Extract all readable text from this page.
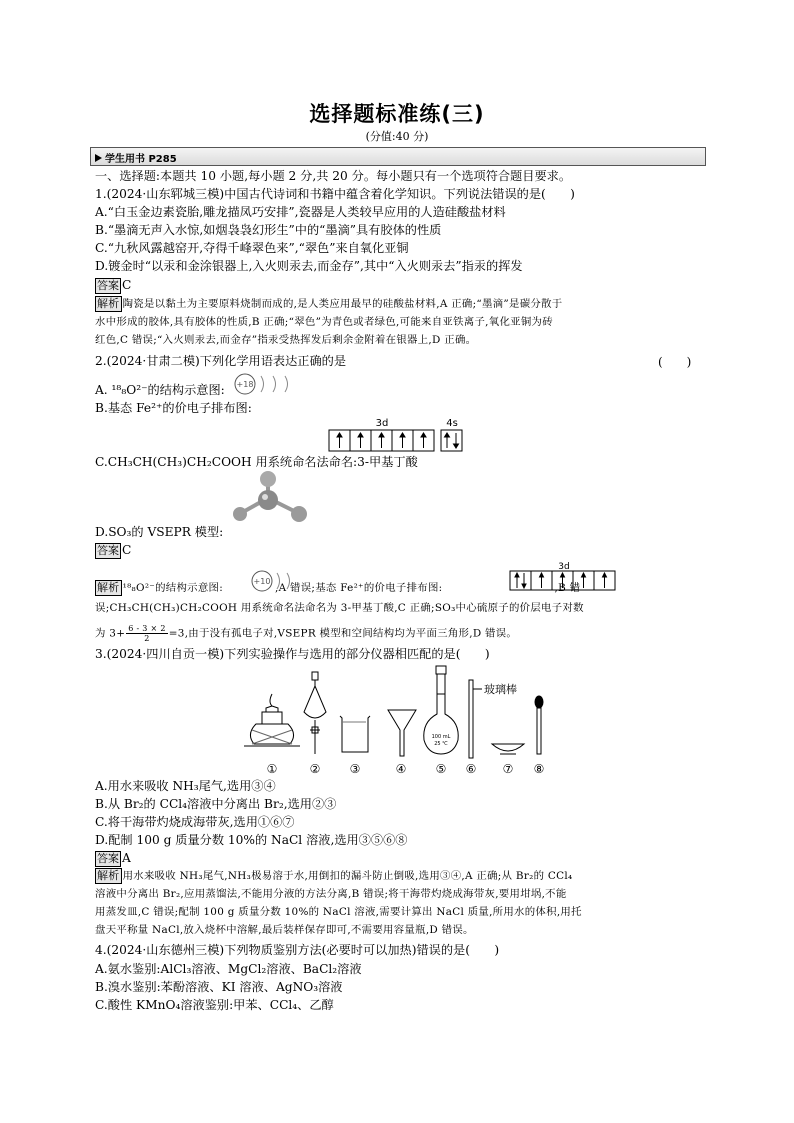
选择题标准练(三)
(分值:40 分)
学生用书 P285
一、选择题:本题共 10 小题,每小题 2 分,共 20 分。每小题只有一个选项符合题目要求。
1.(2024·山东郓城三模)中国古代诗词和书籍中蕴含着化学知识。下列说法错误的是(　　)
A.“白玉金边素瓷胎,雕龙描凤巧安排”,瓷器是人类较早应用的人造硅酸盐材料
B.“墨滴无声入水惊,如烟袅袅幻形生”中的“墨滴”具有胶体的性质
C.“九秋风露越窑开,夺得千峰翠色来”,“翠色”来自氧化亚铜
D.镀金时“以汞和金涂银器上,入火则汞去,而金存”,其中“入火则汞去”指汞的挥发
答案 C
解析 陶瓷是以黏土为主要原料烧制而成的,是人类应用最早的硅酸盐材料,A 正确;“墨滴”是碳分散于
水中形成的胶体,具有胶体的性质,B 正确;“翠色”为青色或者绿色,可能来自亚铁离子,氧化亚铜为砖
红色,C 错误;“入火则汞去,而金存”指汞受热挥发后剩余金附着在银器上,D 正确。
2.(2024·甘肃二模)下列化学用语表达正确的是	(　　)
A. ¹⁸₈O²⁻的结构示意图: +18
B.基态 Fe²⁺的价电子排布图:
3d	4s
C.CH₃CH(CH₃)CH₂COOH 用系统命名法命名:3-甲基丁酸
D.SO₃的 VSEPR 模型:
答案 C
解析 ¹⁸₈O²⁻的结构示意图:	,A 错误;基态 Fe²⁺的价电子排布图:	,B 错
+10
3d
误;CH₃CH(CH₃)CH₂COOH 用系统命名法命名为 3-甲基丁酸,C 正确;SO₃中心硫原子的价层电子对数
为 $3+ \frac{6 - 3 \times 2}{2} =3$,由于没有孤电子对,VSEPR 模型和空间结构均为平面三角形,D 错误。
3.(2024·四川自贡一模)下列实验操作与选用的部分仪器相匹配的是(　　)
100 mL
25 ℃
玻璃棒
①	② ③	④ ⑤ ⑥ ⑦ ⑧
A.用水来吸收 NH₃尾气,选用③④
B.从 Br₂的 CCl₄溶液中分离出 Br₂,选用②③
C.将干海带灼烧成海带灰,选用①⑥⑦
D.配制 100 g 质量分数 10%的 NaCl 溶液,选用③⑤⑥⑧
答案 A
解析 用水来吸收 NH₃尾气,NH₃极易溶于水,用倒扣的漏斗防止倒吸,选用③④,A 正确;从 Br₂的 CCl₄
溶液中分离出 Br₂,应用蒸馏法,不能用分液的方法分离,B 错误;将干海带灼烧成海带灰,要用坩埚,不能
用蒸发皿,C 错误;配制 100 g 质量分数 10%的 NaCl 溶液,需要计算出 NaCl 质量,所用水的体积,用托
盘天平称量 NaCl,放入烧杯中溶解,最后装样保存即可,不需要用容量瓶,D 错误。
4.(2024·山东德州三模)下列物质鉴别方法(必要时可以加热)错误的是(　　)
A.氨水鉴别:AlCl₃溶液、MgCl₂溶液、BaCl₂溶液
B.溴水鉴别:苯酚溶液、KI 溶液、AgNO₃溶液
C.酸性 KMnO₄溶液鉴别:甲苯、CCl₄、乙醇
